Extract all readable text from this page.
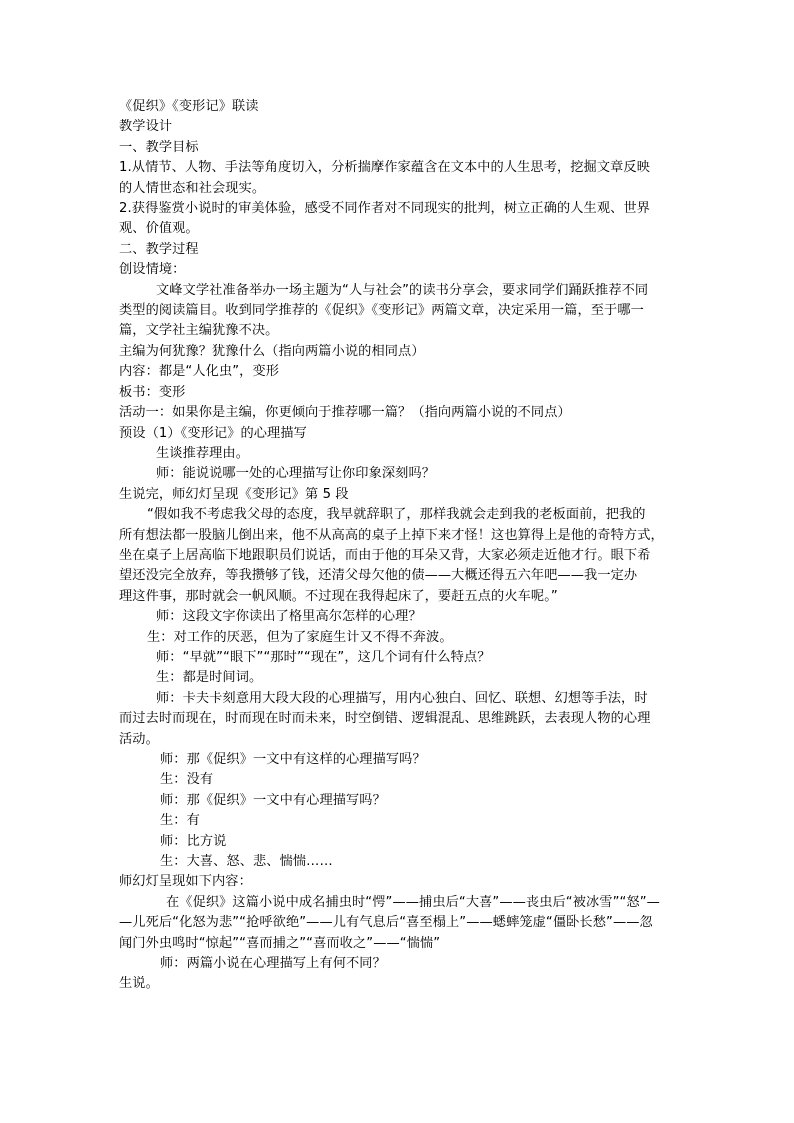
《促织》《变形记》联读
教学设计
一、教学目标
1.从情节、人物、手法等角度切入，分析揣摩作家蕴含在文本中的人生思考，挖掘文章反映
的人情世态和社会现实。
2.获得鉴赏小说时的审美体验，感受不同作者对不同现实的批判，树立正确的人生观、世界
观、价值观。
二、教学过程
创设情境：
文峰文学社准备举办一场主题为“人与社会”的读书分享会，要求同学们踊跃推荐不同
类型的阅读篇目。收到同学推荐的《促织》《变形记》两篇文章，决定采用一篇，至于哪一
篇，文学社主编犹豫不决。
主编为何犹豫？犹豫什么（指向两篇小说的相同点）
内容：都是“人化虫”，变形
板书：变形
活动一：如果你是主编，你更倾向于推荐哪一篇？（指向两篇小说的不同点）
预设（1）《变形记》的心理描写
生谈推荐理由。
师：能说说哪一处的心理描写让你印象深刻吗？
生说完，师幻灯呈现《变形记》第 5 段
“假如我不考虑我父母的态度，我早就辞职了，那样我就会走到我的老板面前，把我的
所有想法都一股脑儿倒出来，他不从高高的桌子上掉下来才怪！这也算得上是他的奇特方式，
坐在桌子上居高临下地跟职员们说话，而由于他的耳朵又背，大家必须走近他才行。眼下希
望还没完全放弃，等我攒够了钱，还清父母欠他的债——大概还得五六年吧——我一定办
理这件事，那时就会一帆风顺。不过现在我得起床了，要赶五点的火车呢。”
师：这段文字你读出了格里高尔怎样的心理？
生：对工作的厌恶，但为了家庭生计又不得不奔波。
师：“早就”“眼下”“那时”“现在”，这几个词有什么特点？
生：都是时间词。
师：卡夫卡刻意用大段大段的心理描写，用内心独白、回忆、联想、幻想等手法，时
而过去时而现在，时而现在时而未来，时空倒错、逻辑混乱、思维跳跃，去表现人物的心理
活动。
师：那《促织》一文中有这样的心理描写吗？
生：没有
师：那《促织》一文中有心理描写吗？
生：有
师：比方说
生：大喜、怒、悲、惴惴……
师幻灯呈现如下内容：
在《促织》这篇小说中成名捕虫时“愕”——捕虫后“大喜”——丧虫后“被冰雪”“怒”—
—儿死后“化怒为悲”“抢呼欲绝”——儿有气息后“喜至榻上”——蟋蟀笼虚“僵卧长愁”——忽
闻门外虫鸣时“惊起”“喜而捕之”“喜而收之”——“惴惴”
师：两篇小说在心理描写上有何不同？
生说。
